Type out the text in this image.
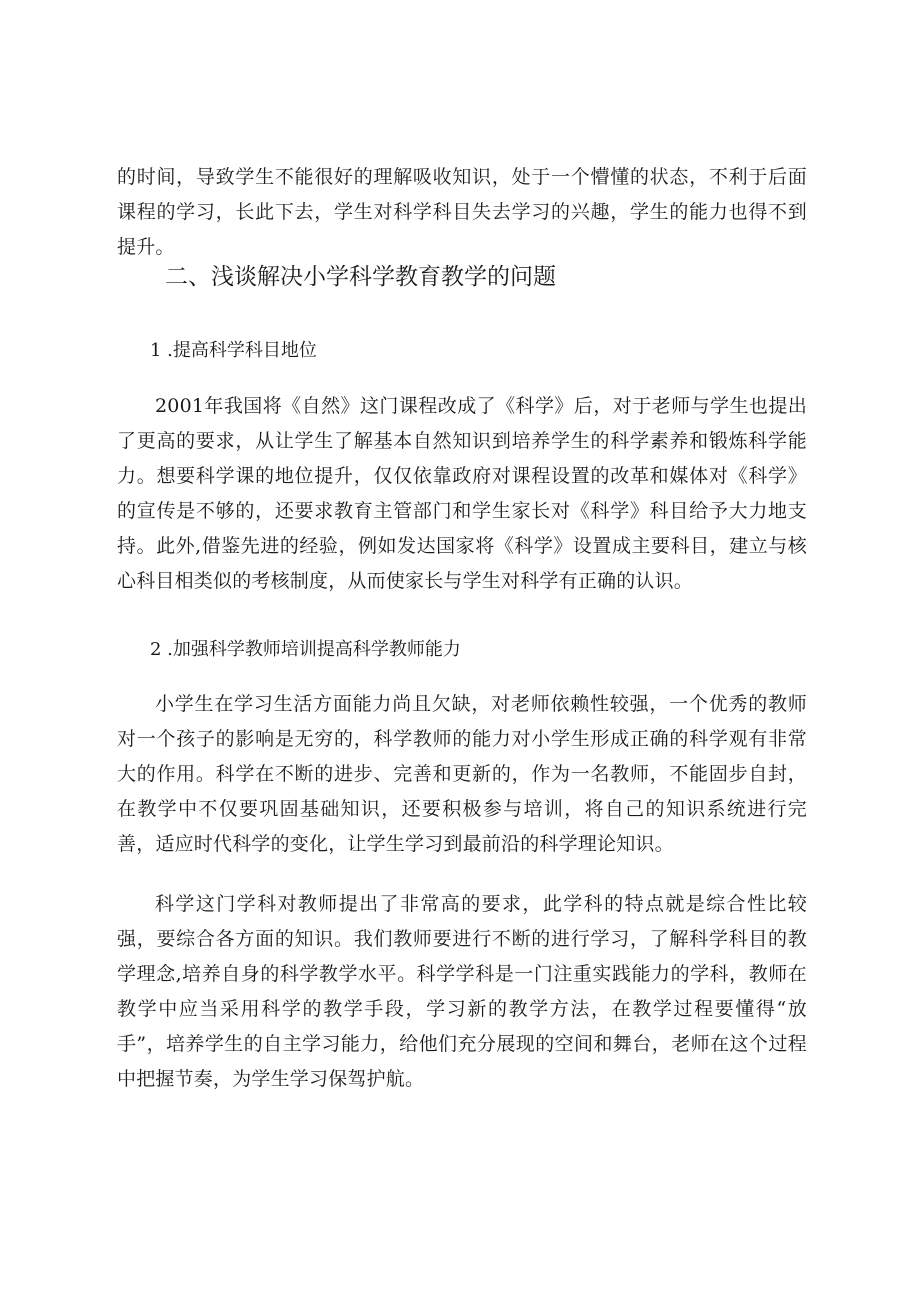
的时间，导致学生不能很好的理解吸收知识，处于一个懵懂的状态，不利于后面课程的学习，长此下去，学生对科学科目失去学习的兴趣，学生的能力也得不到提升。

二、浅谈解决小学科学教育教学的问题

1 .提高科学科目地位

2001年我国将《自然》这门课程改成了《科学》后，对于老师与学生也提出了更高的要求，从让学生了解基本自然知识到培养学生的科学素养和锻炼科学能力。想要科学课的地位提升，仅仅依靠政府对课程设置的改革和媒体对《科学》的宣传是不够的，还要求教育主管部门和学生家长对《科学》科目给予大力地支持。此外,借鉴先进的经验，例如发达国家将《科学》设置成主要科目，建立与核心科目相类似的考核制度，从而使家长与学生对科学有正确的认识。

2 .加强科学教师培训提高科学教师能力

小学生在学习生活方面能力尚且欠缺，对老师依赖性较强，一个优秀的教师对一个孩子的影响是无穷的，科学教师的能力对小学生形成正确的科学观有非常大的作用。科学在不断的进步、完善和更新的，作为一名教师，不能固步自封，在教学中不仅要巩固基础知识，还要积极参与培训，将自己的知识系统进行完善，适应时代科学的变化，让学生学习到最前沿的科学理论知识。

科学这门学科对教师提出了非常高的要求，此学科的特点就是综合性比较强，要综合各方面的知识。我们教师要进行不断的进行学习，了解科学科目的教学理念,培养自身的科学教学水平。科学学科是一门注重实践能力的学科，教师在教学中应当采用科学的教学手段，学习新的教学方法，在教学过程要懂得“放手”，培养学生的自主学习能力，给他们充分展现的空间和舞台，老师在这个过程中把握节奏，为学生学习保驾护航。
